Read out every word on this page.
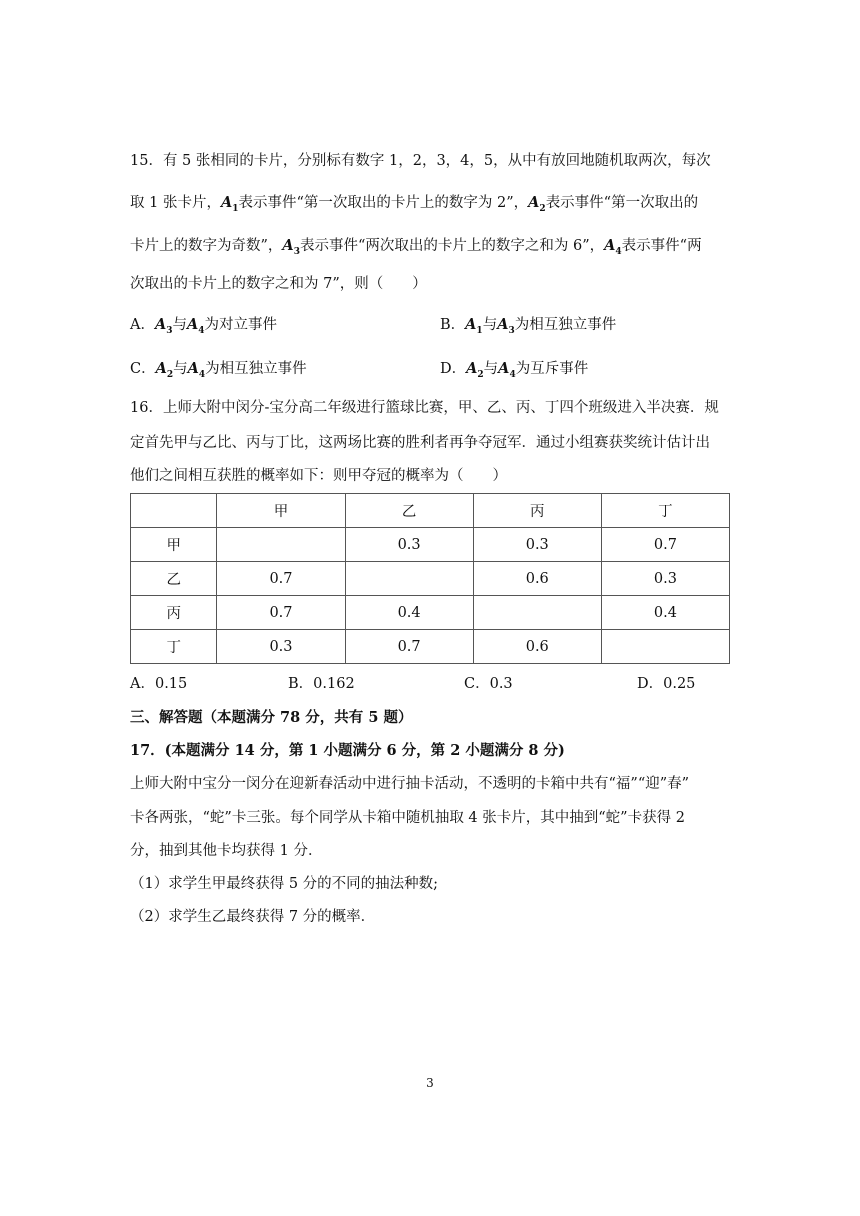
15．有 5 张相同的卡片，分别标有数字 1，2，3，4，5，从中有放回地随机取两次，每次
取 1 张卡片，$A_1$表示事件“第一次取出的卡片上的数字为 2”，$A_2$表示事件“第一次取出的
卡片上的数字为奇数”，$A_3$表示事件“两次取出的卡片上的数字之和为 6”，$A_4$表示事件“两
次取出的卡片上的数字之和为 7”，则（　　）
A．$A_3$与$A_4$为对立事件	B．$A_1$与$A_3$为相互独立事件
C．$A_2$与$A_4$为相互独立事件	D．$A_2$与$A_4$为互斥事件
16．上师大附中闵分-宝分高二年级进行篮球比赛，甲、乙、丙、丁四个班级进入半决赛．规
定首先甲与乙比、丙与丁比，这两场比赛的胜利者再争夺冠军．通过小组赛获奖统计估计出
他们之间相互获胜的概率如下：则甲夺冠的概率为（　　）
	甲	乙	丙	丁
甲		0.3	0.3	0.7
乙	0.7		0.6	0.3
丙	0.7	0.4		0.4
丁	0.3	0.7	0.6	
A．0.15	B．0.162	C．0.3	D．0.25
三、解答题（本题满分 78 分，共有 5 题）
17．(本题满分 14 分，第 1 小题满分 6 分，第 2 小题满分 8 分)
上师大附中宝分一闵分在迎新春活动中进行抽卡活动，不透明的卡箱中共有“福”“迎”春”
卡各两张，“蛇”卡三张。每个同学从卡箱中随机抽取 4 张卡片，其中抽到“蛇”卡获得 2
分，抽到其他卡均获得 1 分．
（1）求学生甲最终获得 5 分的不同的抽法种数;
（2）求学生乙最终获得 7 分的概率．
3
